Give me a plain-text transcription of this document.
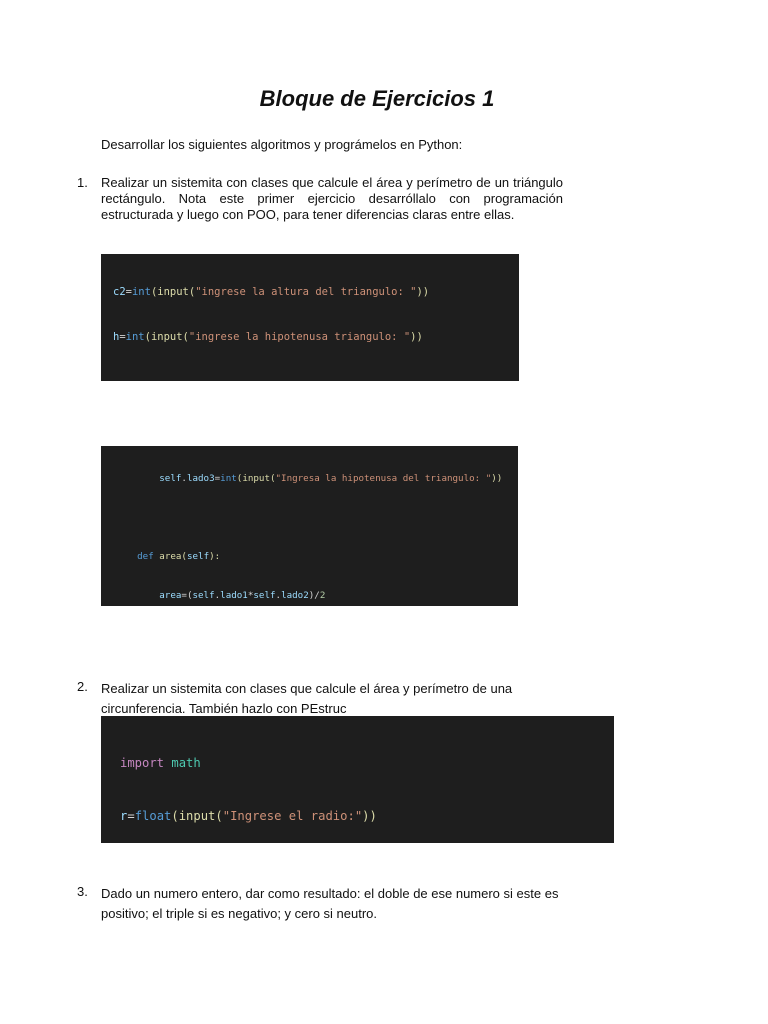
Bloque de Ejercicios 1
Desarrollar los siguientes algoritmos y prográmelos en Python:
1. Realizar un sistemita con clases que calcule el área y perímetro de un triángulo rectángulo. Nota este primer ejercicio desarróllalo con programación estructurada y luego con POO, para tener diferencias claras entre ellas.

c2=int(input("ingrese la altura del triangulo: "))

h=int(input("ingrese la hipotenusa triangulo: "))

self.lado3=int(input("Ingresa la hipotenusa del triangulo: "))

def area(self):

area=(self.lado1*self.lado2)/2

2. Realizar un sistemita con clases que calcule el área y perímetro de una circunferencia. También hazlo con PEstruc

import math

r=float(input("Ingrese el radio:"))

3. Dado un numero entero, dar como resultado: el doble de ese numero si este es positivo; el triple si es negativo; y cero si neutro.
